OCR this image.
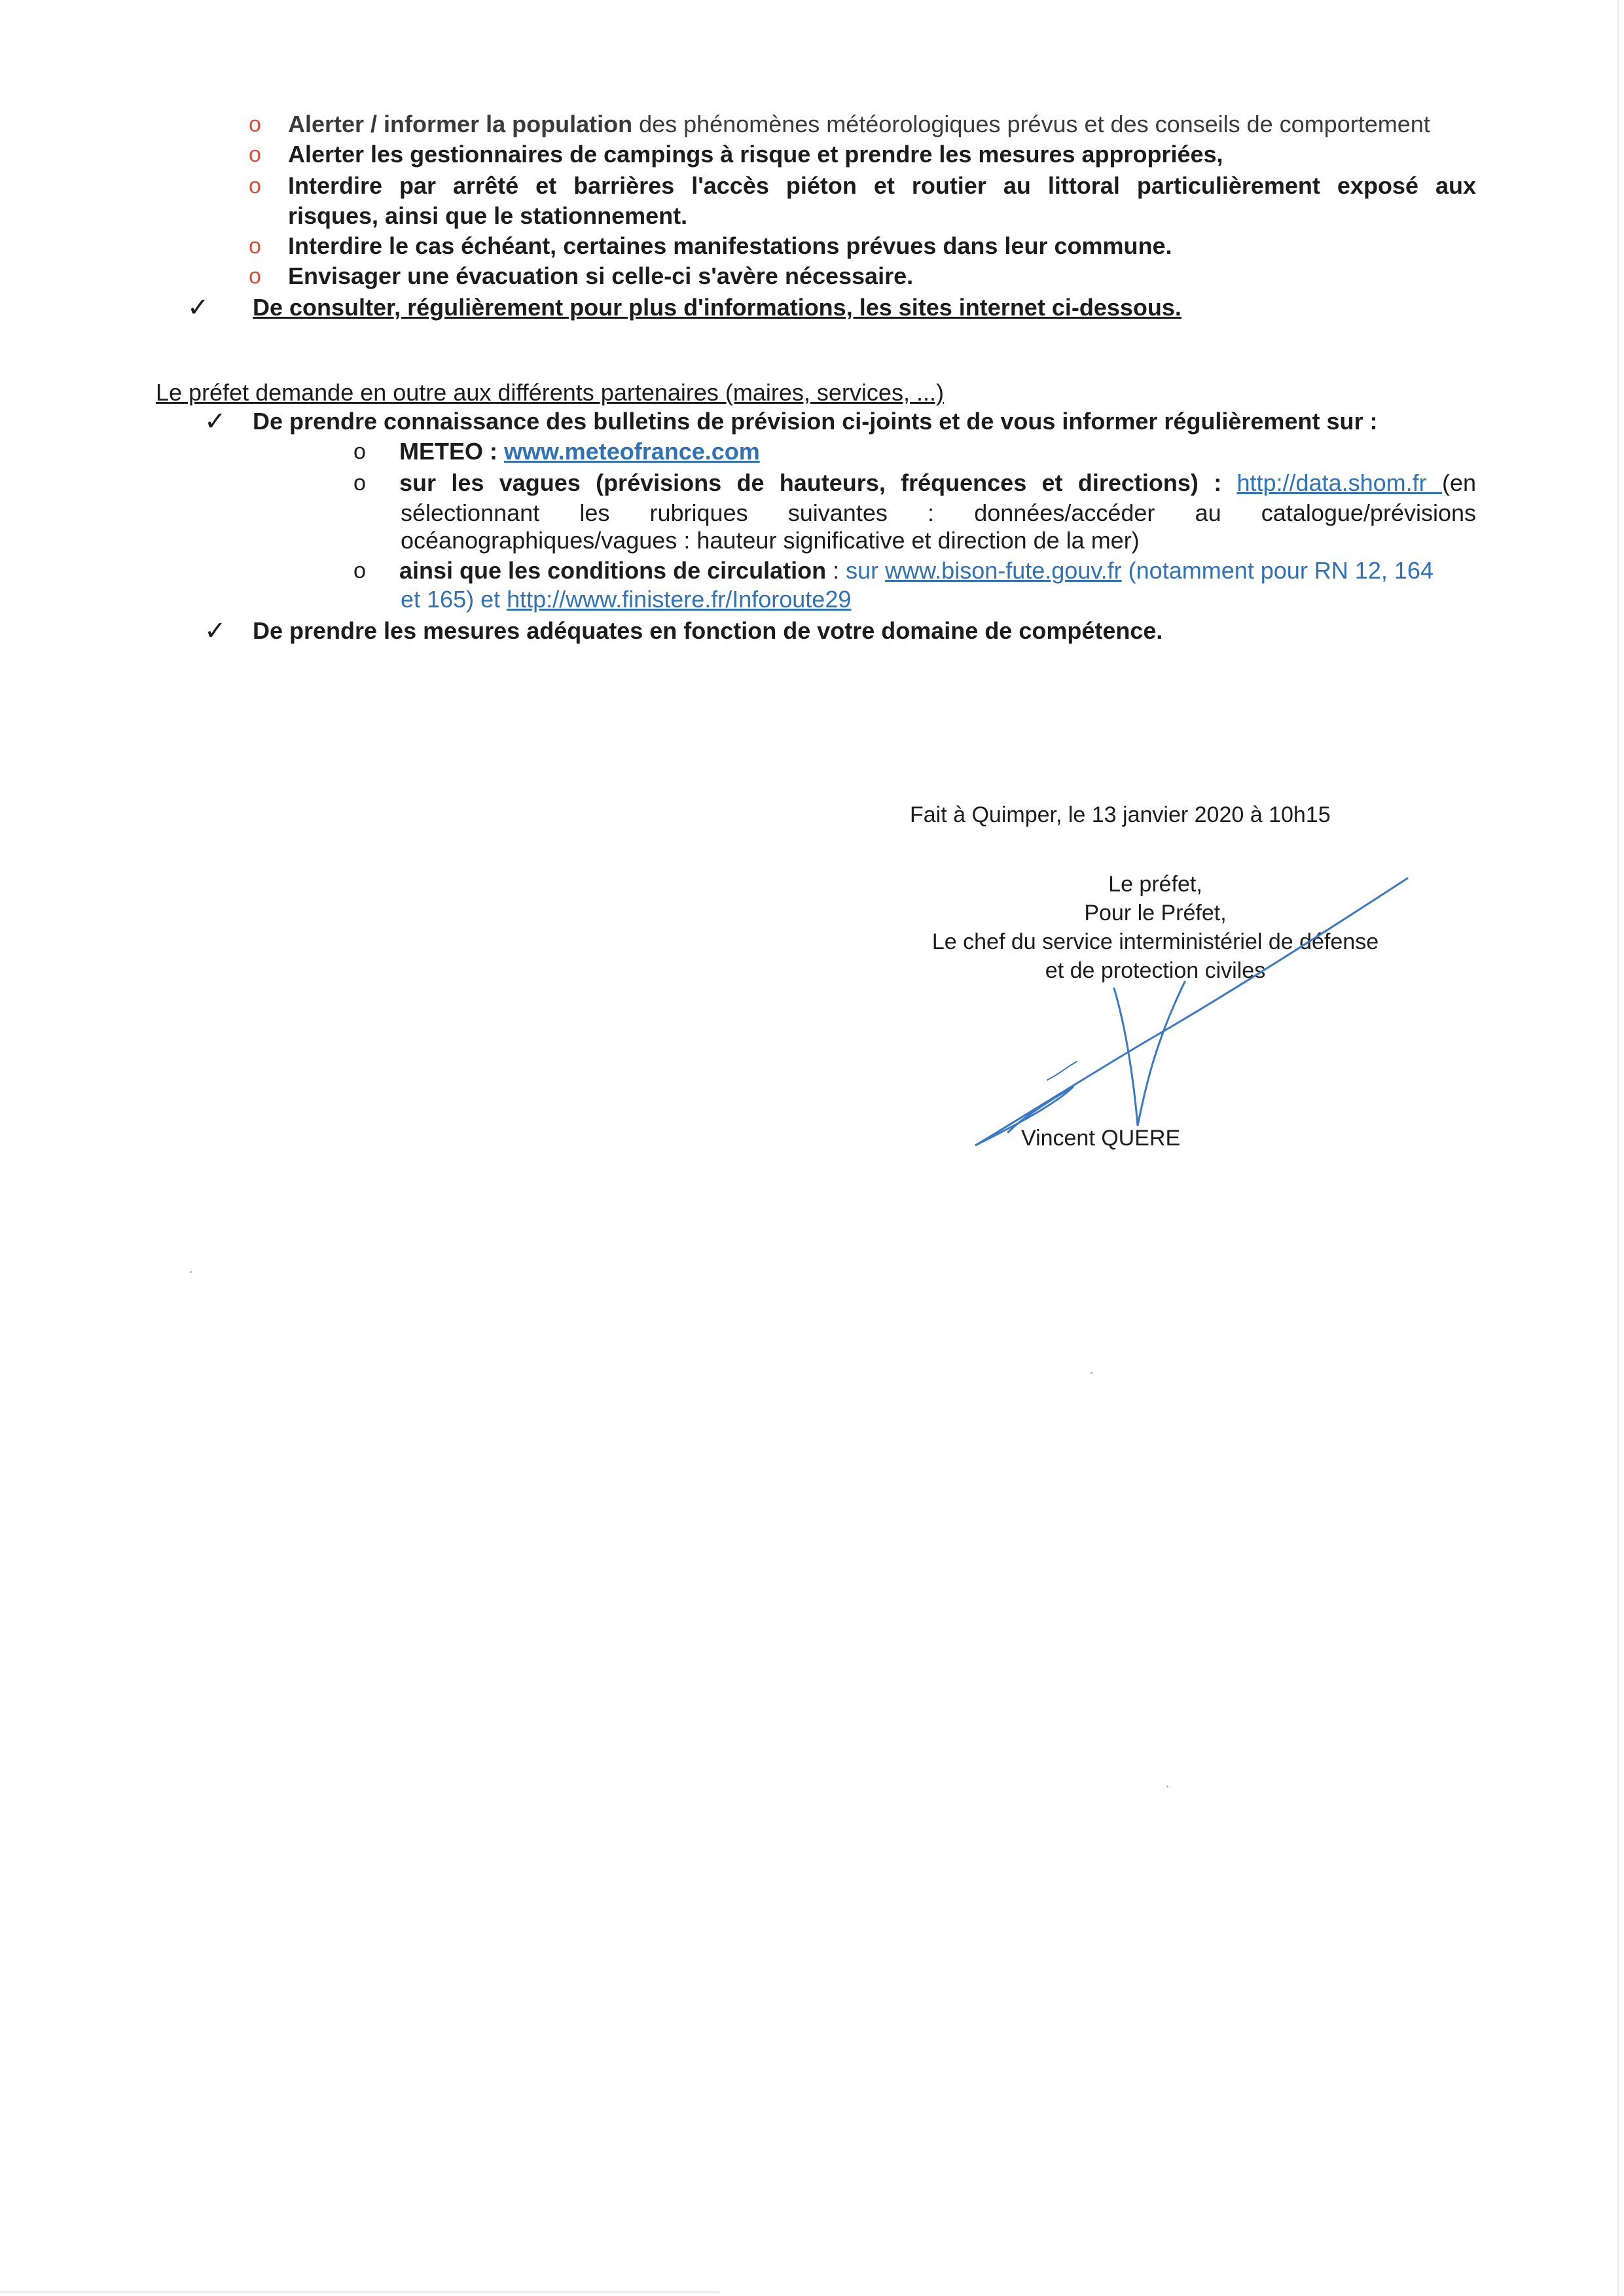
o Alerter / informer la population des phénomènes météorologiques prévus et des conseils de comportement
o Alerter les gestionnaires de campings à risque et prendre les mesures appropriées,
o Interdire par arrêté et barrières l'accès piéton et routier au littoral particulièrement exposé aux
risques, ainsi que le stationnement.
o Interdire le cas échéant, certaines manifestations prévues dans leur commune.
o Envisager une évacuation si celle-ci s'avère nécessaire.
✓ De consulter, régulièrement pour plus d'informations, les sites internet ci-dessous.
Le préfet demande en outre aux différents partenaires (maires, services, ...)
✓ De prendre connaissance des bulletins de prévision ci-joints et de vous informer régulièrement sur :
o METEO : www.meteofrance.com
o sur les vagues (prévisions de hauteurs, fréquences et directions) : http://data.shom.fr (en
sélectionnant les rubriques suivantes : données/accéder au catalogue/prévisions
océanographiques/vagues : hauteur significative et direction de la mer)
o ainsi que les conditions de circulation : sur www.bison-fute.gouv.fr (notamment pour RN 12, 164
et 165) et http://www.finistere.fr/Inforoute29
✓ De prendre les mesures adéquates en fonction de votre domaine de compétence.
Fait à Quimper, le 13 janvier 2020 à 10h15
Le préfet,
Pour le Préfet,
Le chef du service interministériel de défense
et de protection civiles
Vincent QUERE
